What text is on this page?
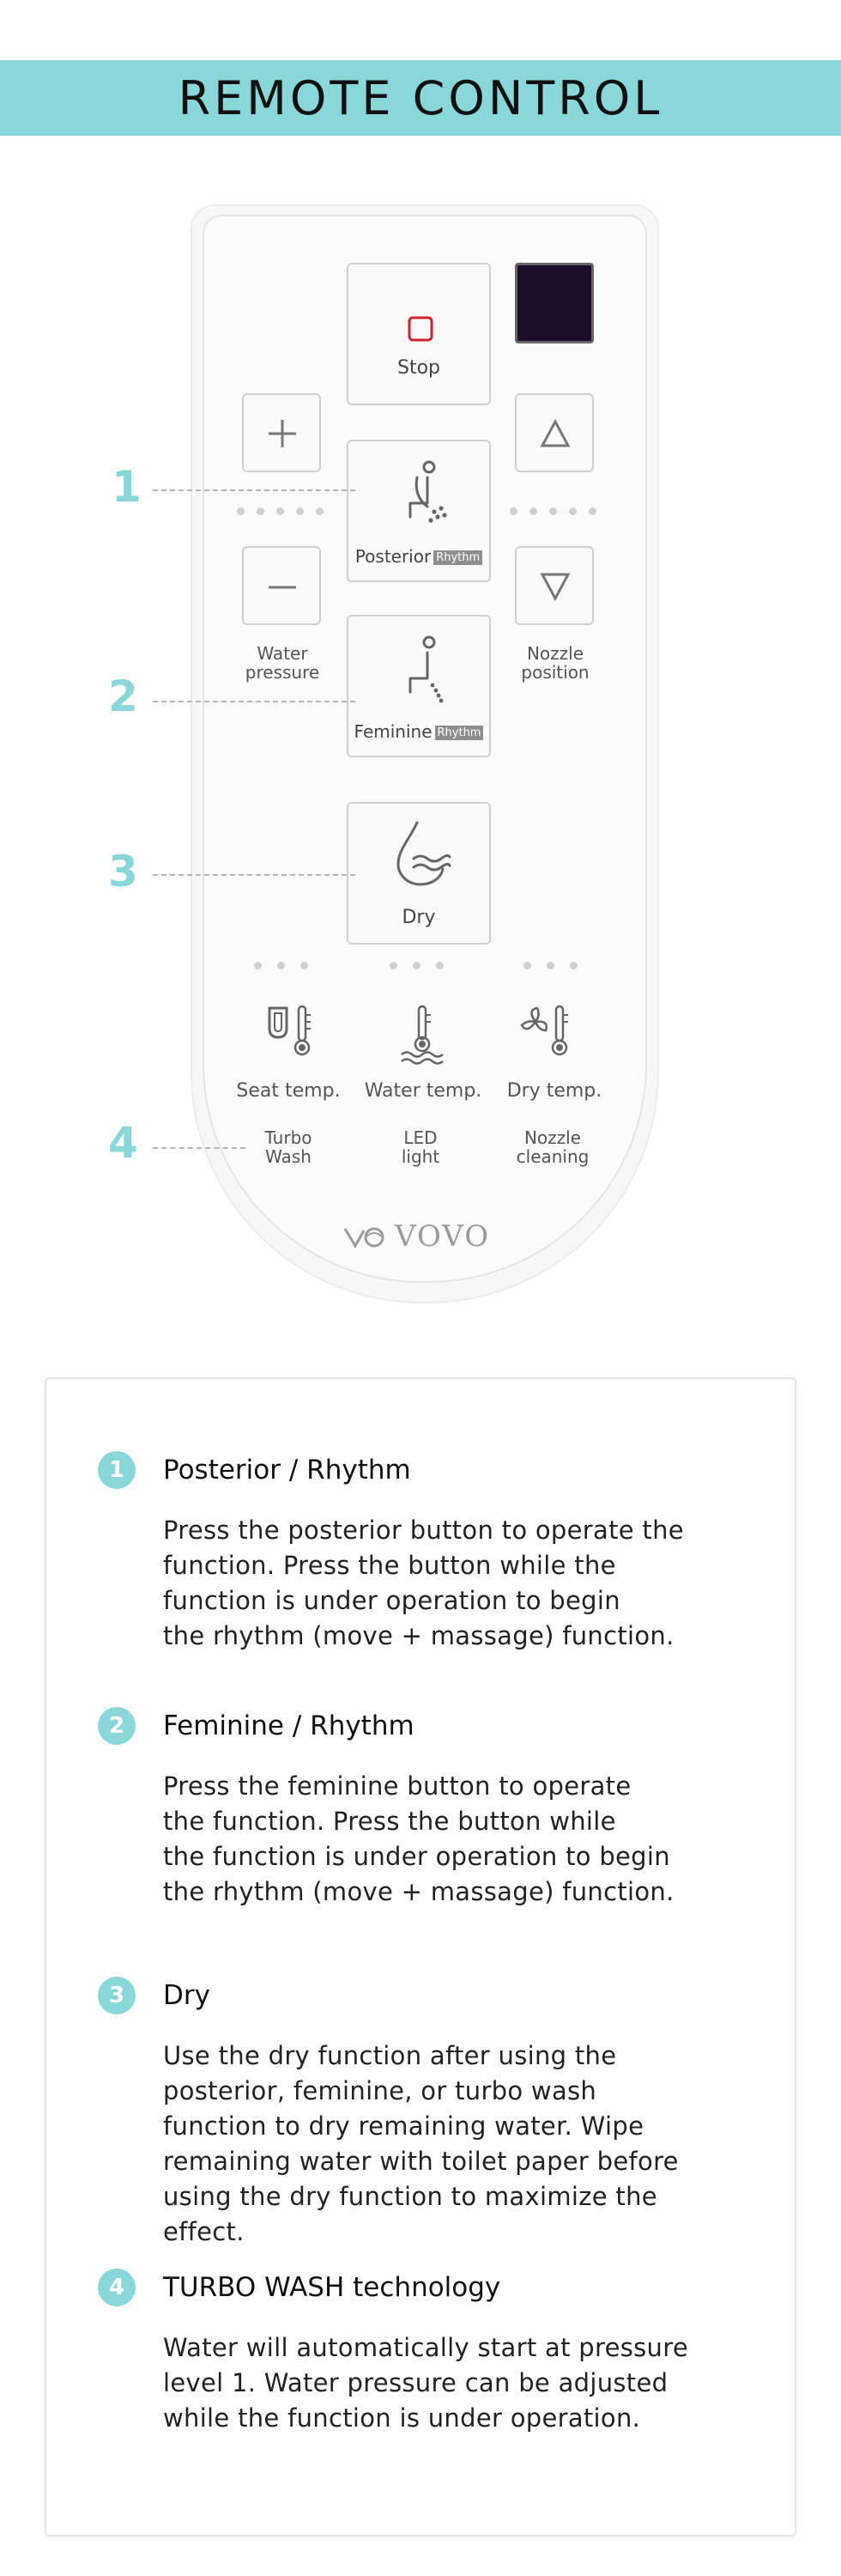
REMOTE CONTROL
Stop
Posterior Rhythm
Water
pressure
Nozzle
position
Feminine Rhythm
Dry
Seat temp.	Water temp.	Dry temp.
Turbo
Wash
LED
light
Nozzle
cleaning
VOVO
1
2
3
4
1	Posterior / Rhythm
Press the posterior button to operate the
function. Press the button while the
function is under operation to begin
the rhythm (move + massage) function.
2	Feminine / Rhythm
Press the feminine button to operate
the function. Press the button while
the function is under operation to begin
the rhythm (move + massage) function.
3	Dry
Use the dry function after using the
posterior, feminine, or turbo wash
function to dry remaining water. Wipe
remaining water with toilet paper before
using the dry function to maximize the
effect.
4	TURBO WASH technology
Water will automatically start at pressure
level 1. Water pressure can be adjusted
while the function is under operation.
